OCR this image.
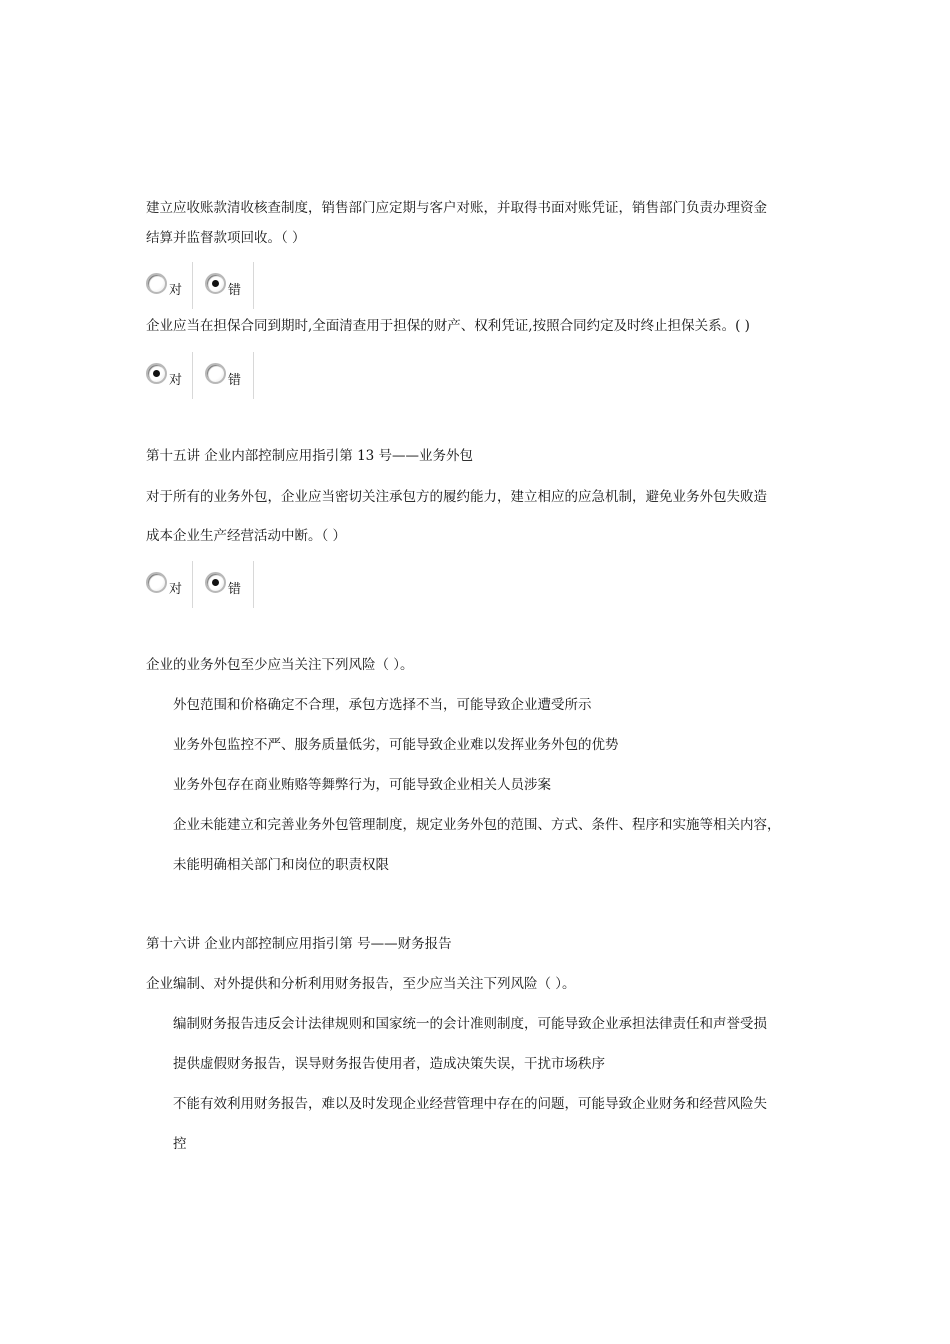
建立应收账款清收核查制度，销售部门应定期与客户对账，并取得书面对账凭证，销售部门负责办理资金
结算并监督款项回收。（ ）
对	错
企业应当在担保合同到期时,全面清查用于担保的财产、权利凭证,按照合同约定及时终止担保关系。( )
对	错
第十五讲 企业内部控制应用指引第 13 号——业务外包
对于所有的业务外包，企业应当密切关注承包方的履约能力，建立相应的应急机制，避免业务外包失败造
成本企业生产经营活动中断。（ ）
对	错
企业的业务外包至少应当关注下列风险（ ）。
外包范围和价格确定不合理，承包方选择不当，可能导致企业遭受所示
业务外包监控不严、服务质量低劣，可能导致企业难以发挥业务外包的优势
业务外包存在商业贿赂等舞弊行为，可能导致企业相关人员涉案
企业未能建立和完善业务外包管理制度，规定业务外包的范围、方式、条件、程序和实施等相关内容，
未能明确相关部门和岗位的职责权限
第十六讲 企业内部控制应用指引第 号——财务报告
企业编制、对外提供和分析利用财务报告，至少应当关注下列风险（ ）。
编制财务报告违反会计法律规则和国家统一的会计准则制度，可能导致企业承担法律责任和声誉受损
提供虚假财务报告，误导财务报告使用者，造成决策失误，干扰市场秩序
不能有效利用财务报告，难以及时发现企业经营管理中存在的问题，可能导致企业财务和经营风险失
控
